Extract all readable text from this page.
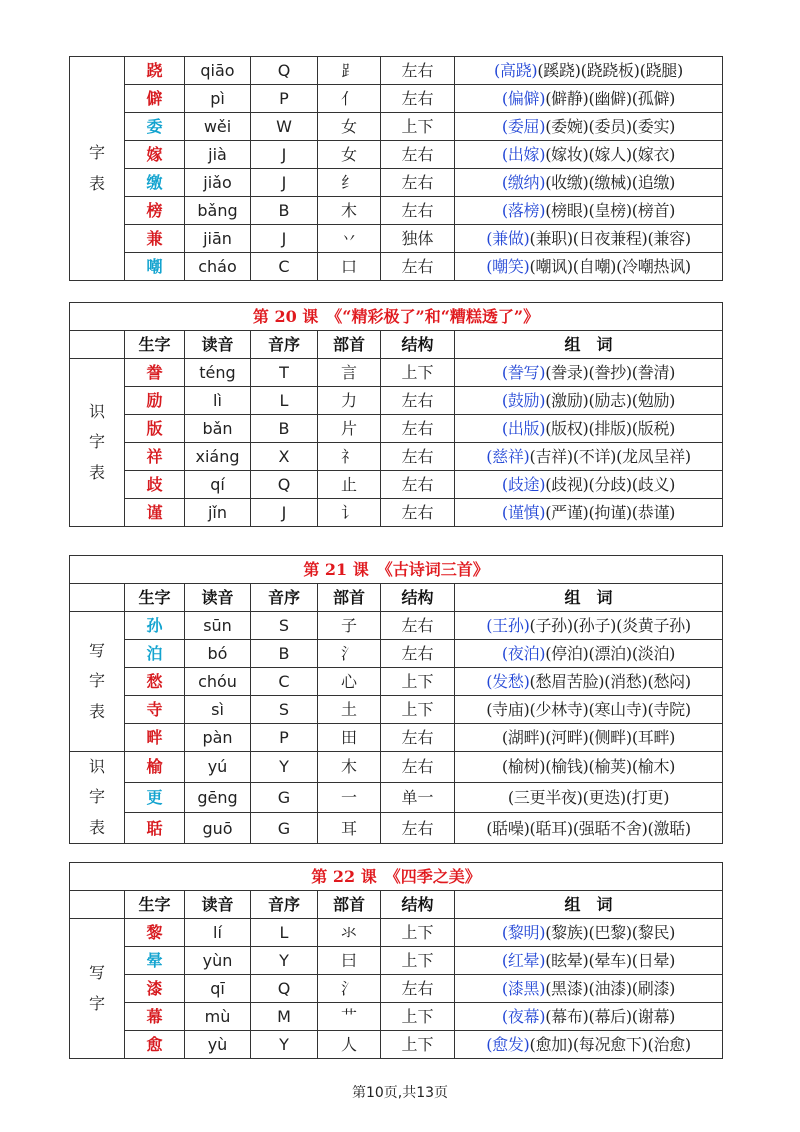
字
表	跷	qiāo	Q	⻊	左右	(高跷)(蹊跷)(跷跷板)(跷腿)
	僻	pì	P	亻	左右	(偏僻)(僻静)(幽僻)(孤僻)
	委	wěi	W	女	上下	(委屈)(委婉)(委员)(委实)
	嫁	jià	J	女	左右	(出嫁)(嫁妆)(嫁人)(嫁衣)
	缴	jiǎo	J	纟	左右	(缴纳)(收缴)(缴械)(追缴)
	榜	bǎng	B	木	左右	(落榜)(榜眼)(皇榜)(榜首)
	兼	jiān	J	丷	独体	(兼做)(兼职)(日夜兼程)(兼容)
	嘲	cháo	C	口	左右	(嘲笑)(嘲讽)(自嘲)(冷嘲热讽)
第 20 课　《“精彩极了”和“糟糕透了”》						
	生字	读音	音序	部首	结构	组　词
识
字
表	誊	téng	T	言	上下	(誊写)(誊录)(誊抄)(誊清)
	励	lì	L	力	左右	(鼓励)(激励)(励志)(勉励)
	版	bǎn	B	片	左右	(出版)(版权)(排版)(版税)
	祥	xiáng	X	礻	左右	(慈祥)(吉祥)(不详)(龙凤呈祥)
	歧	qí	Q	止	左右	(歧途)(歧视)(分歧)(歧义)
	谨	jǐn	J	讠	左右	(谨慎)(严谨)(拘谨)(恭谨)
第 21 课　《古诗词三首》						
	生字	读音	音序	部首	结构	组　词
写
字
表	孙	sūn	S	子	左右	(王孙)(子孙)(孙子)(炎黄子孙)
	泊	bó	B	氵	左右	(夜泊)(停泊)(漂泊)(淡泊)
	愁	chóu	C	心	上下	(发愁)(愁眉苦脸)(消愁)(愁闷)
	寺	sì	S	土	上下	(寺庙)(少林寺)(寒山寺)(寺院)
	畔	pàn	P	田	左右	(湖畔)(河畔)(侧畔)(耳畔)
识
字
表	榆	yú	Y	木	左右	(榆树)(榆钱)(榆荚)(榆木)
	更	gēng	G	一	单一	(三更半夜)(更迭)(打更)
	聒	guō	G	耳	左右	(聒噪)(聒耳)(强聒不舍)(激聒)
第 22 课　《四季之美》						
	生字	读音	音序	部首	结构	组　词
写
字	黎	lí	L	氺	上下	(黎明)(黎族)(巴黎)(黎民)
	晕	yùn	Y	曰	上下	(红晕)(眩晕)(晕车)(日晕)
	漆	qī	Q	氵	左右	(漆黑)(黑漆)(油漆)(刷漆)
	幕	mù	M	艹	上下	(夜幕)(幕布)(幕后)(谢幕)
	愈	yù	Y	人	上下	(愈发)(愈加)(每况愈下)(治愈)
第10页,共13页
